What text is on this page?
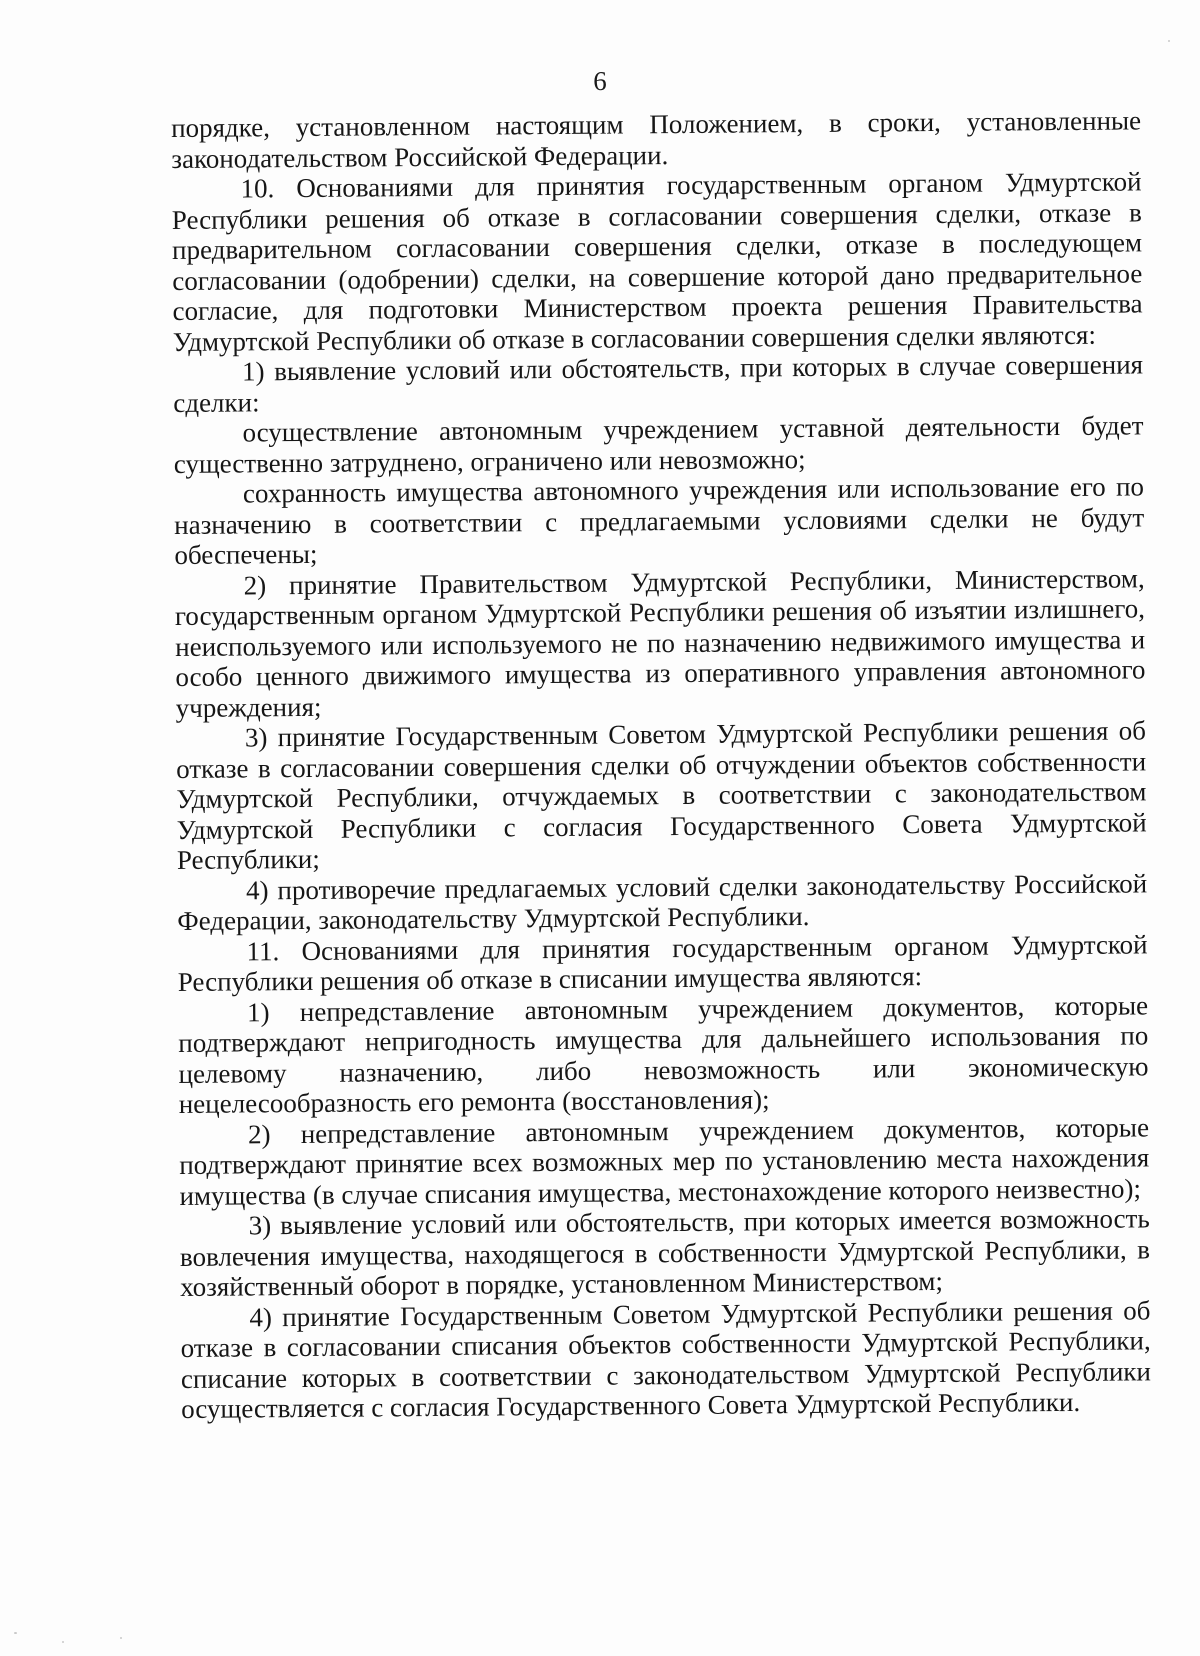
6

порядке, установленном настоящим Положением, в сроки, установленные законодательством Российской Федерации.

10. Основаниями для принятия государственным органом Удмуртской Республики решения об отказе в согласовании совершения сделки, отказе в предварительном согласовании совершения сделки, отказе в последующем согласовании (одобрении) сделки, на совершение которой дано предварительное согласие, для подготовки Министерством проекта решения Правительства Удмуртской Республики об отказе в согласовании совершения сделки являются:

1) выявление условий или обстоятельств, при которых в случае совершения сделки:

осуществление автономным учреждением уставной деятельности будет существенно затруднено, ограничено или невозможно;

сохранность имущества автономного учреждения или использование его по назначению в соответствии с предлагаемыми условиями сделки не будут обеспечены;

2) принятие Правительством Удмуртской Республики, Министерством, государственным органом Удмуртской Республики решения об изъятии излишнего, неиспользуемого или используемого не по назначению недвижимого имущества и особо ценного движимого имущества из оперативного управления автономного учреждения;

3) принятие Государственным Советом Удмуртской Республики решения об отказе в согласовании совершения сделки об отчуждении объектов собственности Удмуртской Республики, отчуждаемых в соответствии с законодательством Удмуртской Республики с согласия Государственного Совета Удмуртской Республики;

4) противоречие предлагаемых условий сделки законодательству Российской Федерации, законодательству Удмуртской Республики.

11. Основаниями для принятия государственным органом Удмуртской Республики решения об отказе в списании имущества являются:

1) непредставление автономным учреждением документов, которые подтверждают непригодность имущества для дальнейшего использования по целевому назначению, либо невозможность или экономическую нецелесообразность его ремонта (восстановления);

2) непредставление автономным учреждением документов, которые подтверждают принятие всех возможных мер по установлению места нахождения имущества (в случае списания имущества, местонахождение которого неизвестно);

3) выявление условий или обстоятельств, при которых имеется возможность вовлечения имущества, находящегося в собственности Удмуртской Республики, в хозяйственный оборот в порядке, установленном Министерством;

4) принятие Государственным Советом Удмуртской Республики решения об отказе в согласовании списания объектов собственности Удмуртской Республики, списание которых в соответствии с законодательством Удмуртской Республики осуществляется с согласия Государственного Совета Удмуртской Республики.
